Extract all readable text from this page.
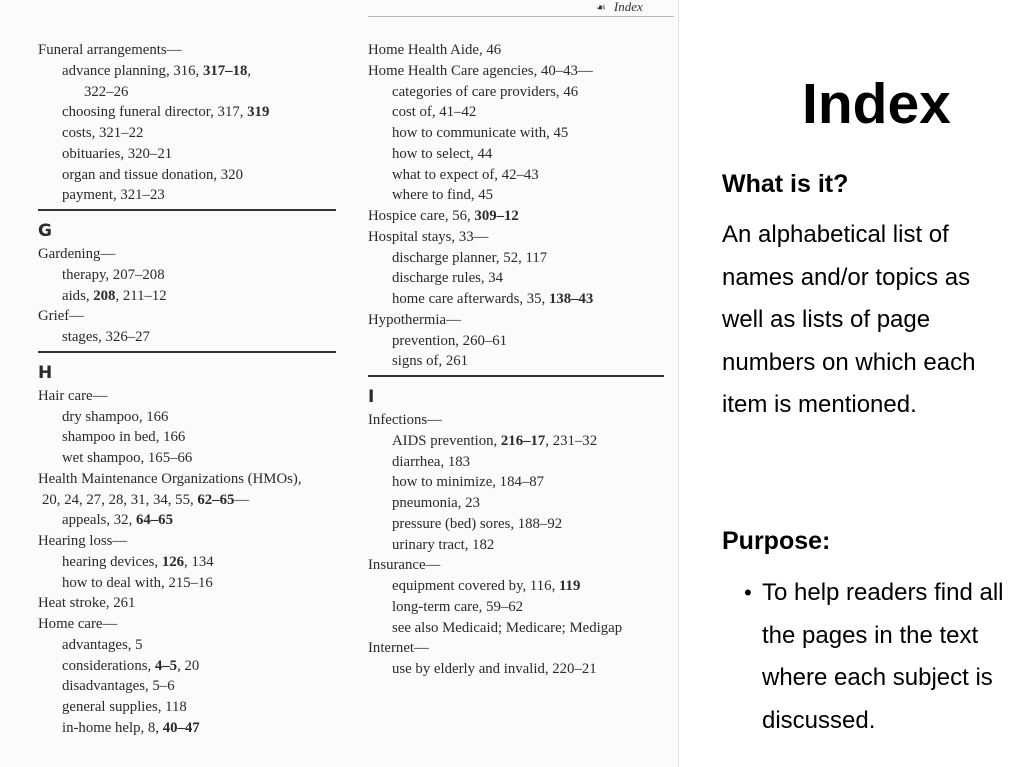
☙ Index
Funeral arrangements—
advance planning, 316, 317–18,
322–26
choosing funeral director, 317, 319
costs, 321–22
obituaries, 320–21
organ and tissue donation, 320
payment, 321–23
G
Gardening—
therapy, 207–208
aids, 208, 211–12
Grief—
stages, 326–27
H
Hair care—
dry shampoo, 166
shampoo in bed, 166
wet shampoo, 165–66
Health Maintenance Organizations (HMOs),
20, 24, 27, 28, 31, 34, 55, 62–65—
appeals, 32, 64–65
Hearing loss—
hearing devices, 126, 134
how to deal with, 215–16
Heat stroke, 261
Home care—
advantages, 5
considerations, 4–5, 20
disadvantages, 5–6
general supplies, 118
in-home help, 8, 40–47
Home Health Aide, 46
Home Health Care agencies, 40–43—
categories of care providers, 46
cost of, 41–42
how to communicate with, 45
how to select, 44
what to expect of, 42–43
where to find, 45
Hospice care, 56, 309–12
Hospital stays, 33—
discharge planner, 52, 117
discharge rules, 34
home care afterwards, 35, 138–43
Hypothermia—
prevention, 260–61
signs of, 261
I
Infections—
AIDS prevention, 216–17, 231–32
diarrhea, 183
how to minimize, 184–87
pneumonia, 23
pressure (bed) sores, 188–92
urinary tract, 182
Insurance—
equipment covered by, 116, 119
long-term care, 59–62
see also Medicaid; Medicare; Medigap
Internet—
use by elderly and invalid, 220–21
Index
What is it?
An alphabetical list of names and/or topics as well as lists of page numbers on which each item is mentioned.
Purpose:
• To help readers find all the pages in the text where each subject is discussed.
